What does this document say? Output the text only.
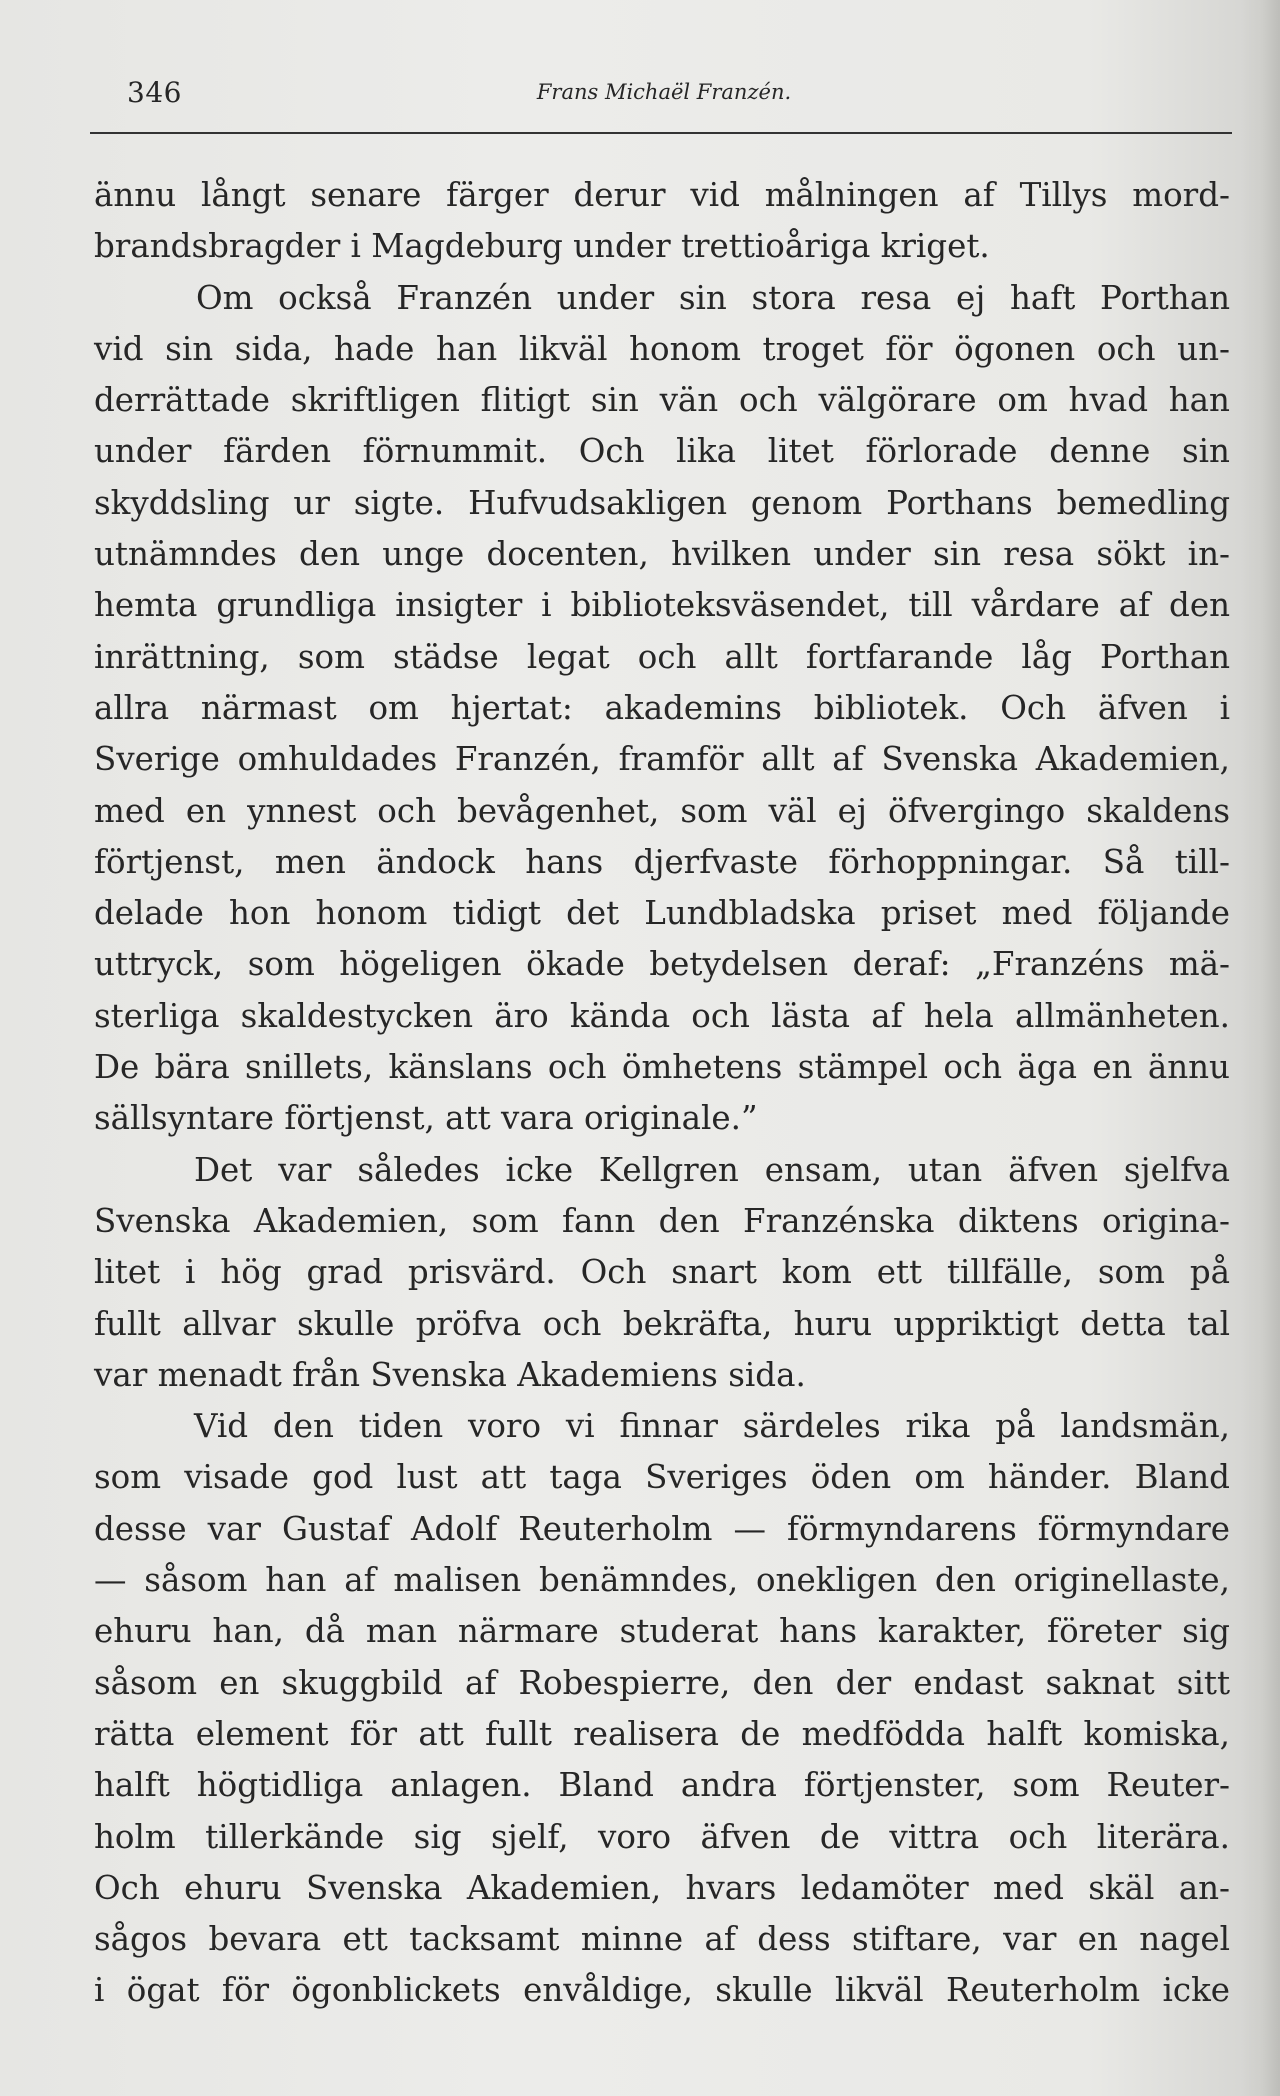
346	Frans Michaël Franzén.
ännu långt senare färger derur vid målningen af Tillys mord-
brandsbragder i Magdeburg under trettioåriga kriget.
Om också Franzén under sin stora resa ej haft Porthan
vid sin sida, hade han likväl honom troget för ögonen och un-
derrättade skriftligen flitigt sin vän och välgörare om hvad han
under färden förnummit. Och lika litet förlorade denne sin
skyddsling ur sigte. Hufvudsakligen genom Porthans bemedling
utnämndes den unge docenten, hvilken under sin resa sökt in-
hemta grundliga insigter i biblioteksväsendet, till vårdare af den
inrättning, som städse legat och allt fortfarande låg Porthan
allra närmast om hjertat: akademins bibliotek. Och äfven i
Sverige omhuldades Franzén, framför allt af Svenska Akademien,
med en ynnest och bevågenhet, som väl ej öfvergingo skaldens
förtjenst, men ändock hans djerfvaste förhoppningar. Så till-
delade hon honom tidigt det Lundbladska priset med följande
uttryck, som högeligen ökade betydelsen deraf: „Franzéns mä-
sterliga skaldestycken äro kända och lästa af hela allmänheten.
De bära snillets, känslans och ömhetens stämpel och äga en ännu
sällsyntare förtjenst, att vara originale.”
Det var således icke Kellgren ensam, utan äfven sjelfva
Svenska Akademien, som fann den Franzénska diktens origina-
litet i hög grad prisvärd. Och snart kom ett tillfälle, som på
fullt allvar skulle pröfva och bekräfta, huru uppriktigt detta tal
var menadt från Svenska Akademiens sida.
Vid den tiden voro vi finnar särdeles rika på landsmän,
som visade god lust att taga Sveriges öden om händer. Bland
desse var Gustaf Adolf Reuterholm — förmyndarens förmyndare
— såsom han af malisen benämndes, onekligen den originellaste,
ehuru han, då man närmare studerat hans karakter, företer sig
såsom en skuggbild af Robespierre, den der endast saknat sitt
rätta element för att fullt realisera de medfödda halft komiska,
halft högtidliga anlagen. Bland andra förtjenster, som Reuter-
holm tillerkände sig sjelf, voro äfven de vittra och literära.
Och ehuru Svenska Akademien, hvars ledamöter med skäl an-
sågos bevara ett tacksamt minne af dess stiftare, var en nagel
i ögat för ögonblickets envåldige, skulle likväl Reuterholm icke
